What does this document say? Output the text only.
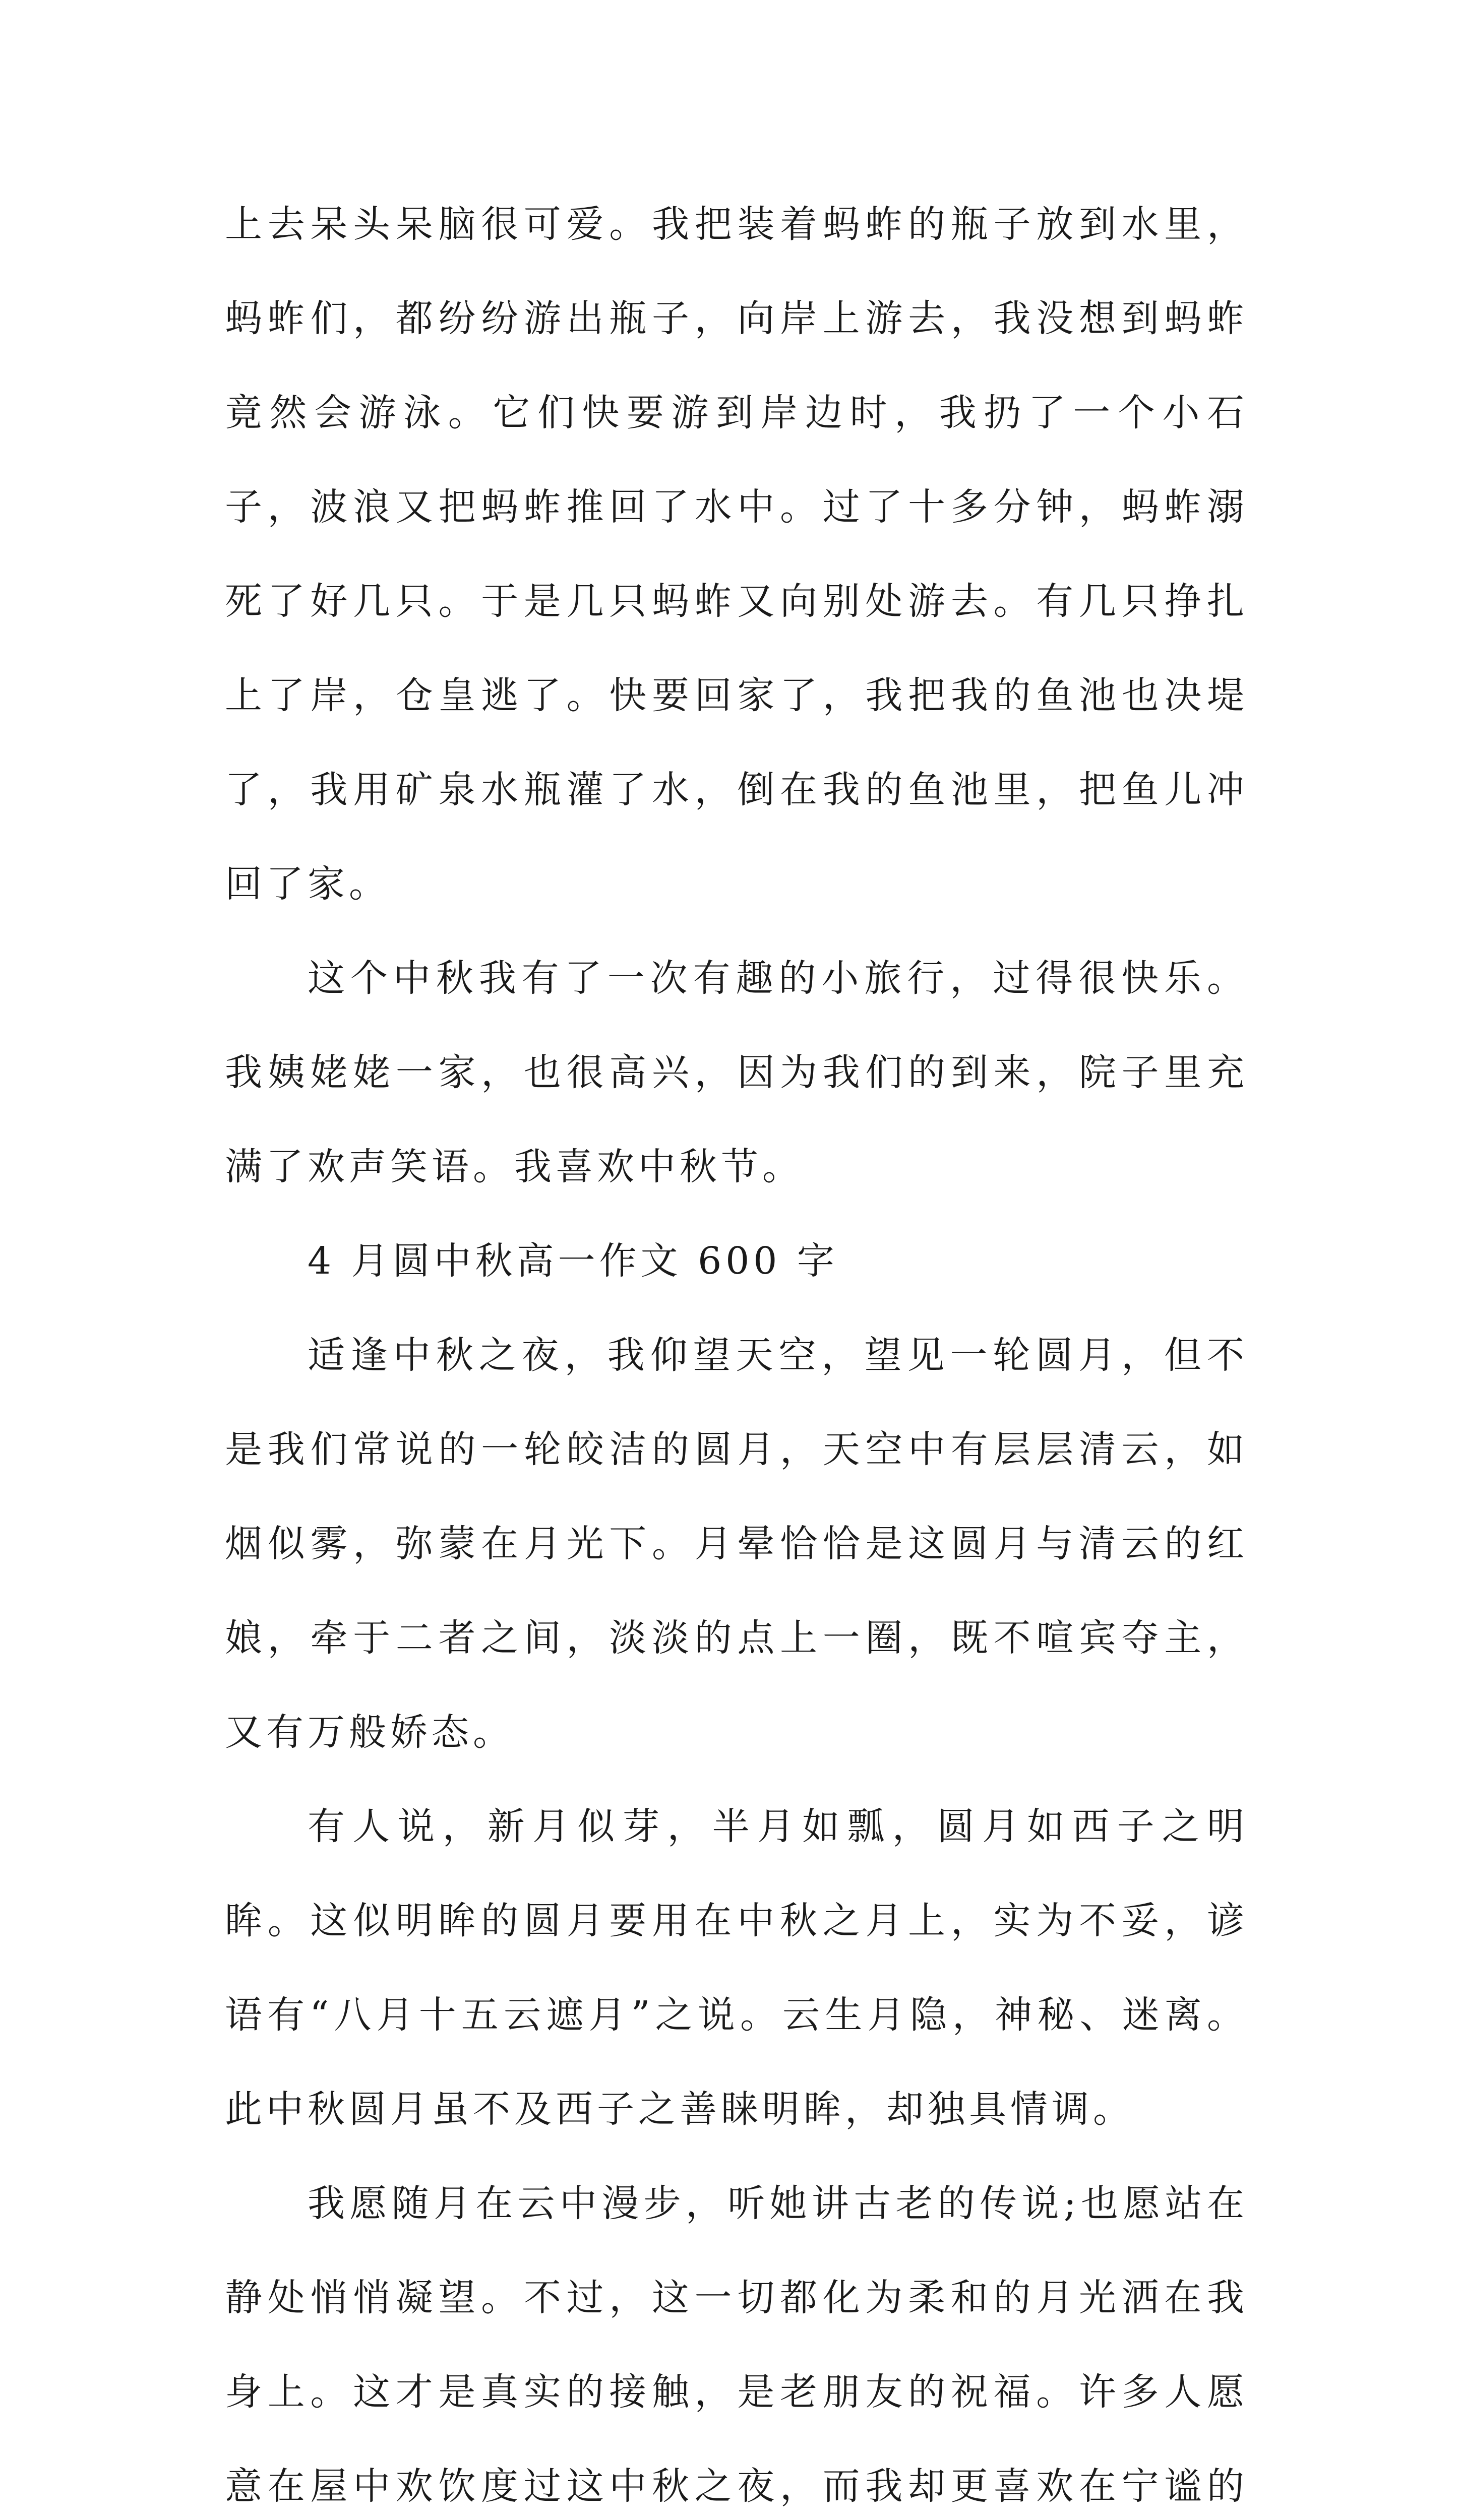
上去呆头呆脑很可爱。我把装着蚂蚱的瓶子放到水里，蚂蚱们，都纷纷游出瓶子，向岸上游去，我没想到蚂蚱竟然会游泳。它们快要游到岸边时，我扔了一个小石子，波浪又把蚂蚱推回了水中。过了十多分钟，蚂蚱溺死了好几只。于是几只蚂蚱又向别处游去。有几只挣扎上了岸，仓皇逃了。快要回家了，我把我的鱼池也决堤了，我用矿泉水瓶灌了水，倒在我的鱼池里，把鱼儿冲回了家。

这个中秋我有了一次有趣的小旅行，过得很快乐。我姨姥姥一家，也很高兴，因为我们的到来，院子里充满了欢声笑语。我喜欢中秋节。

4 月圆中秋高一作文 600 字

适逢中秋之夜，我仰望天空，望见一轮圆月，但不是我们常说的一轮皎洁的圆月，天空中有层层清云，如烟似雾，弥蒙在月光下。月晕恰恰是这圆月与清云的红娘，牵于二者之间，淡淡的点上一圈，既不喧宾夺主，又有万般娇态。

有人说，新月似芽，半月如瓢，圆月如西子之明眸。这似明眸的圆月要用在中秋之月上，实为不妥，谚语有“八月十五云遮月”之说。云生月隐，神秘、迷离。此中秋圆月虽不及西子之善睐明眸，却独具情调。

我愿随月在云中漫步，听她讲古老的传说;也愿站在静处悄悄凝望。不过，这一切都化为柔和的月光洒在我身上。这才是真实的接触，是老朋友的祝福。许多人愿意在屋中欢饮度过这中秋之夜，而我却更喜欢在宁谧的
